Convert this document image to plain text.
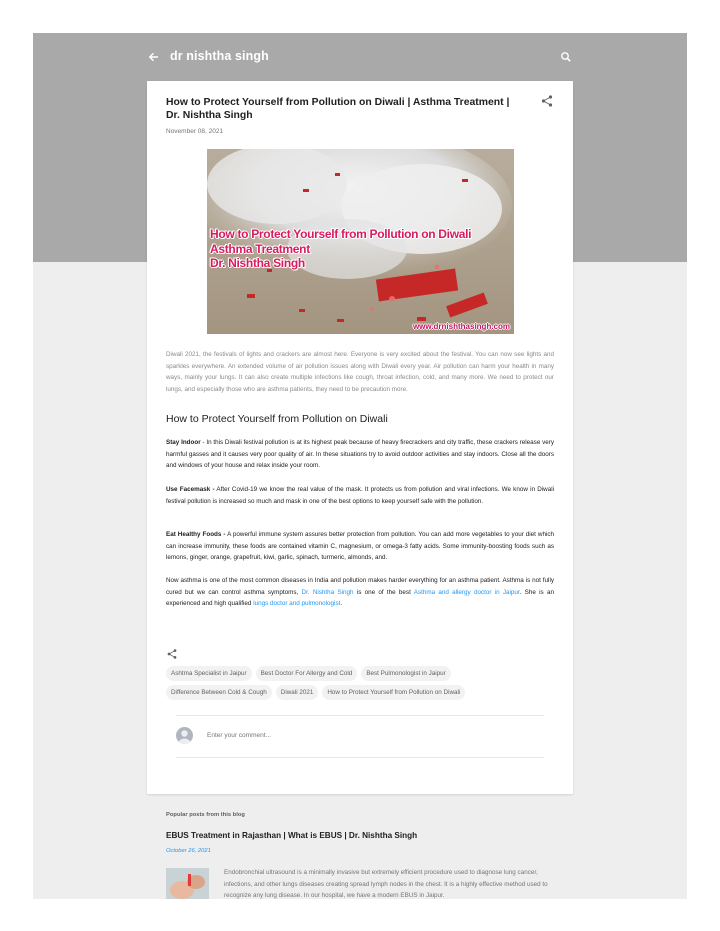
dr nishtha singh
How to Protect Yourself from Pollution on Diwali | Asthma Treatment | Dr. Nishtha Singh
November 08, 2021
How to Protect Yourself from Pollution on Diwali
Asthma Treatment
Dr. Nishtha Singh
www.drnishthasingh.com

Diwali 2021, the festivals of lights and crackers are almost here. Everyone is very excited about the festival. You can now see lights and sparkles everywhere. An extended volume of air pollution issues along with Diwali every year. Air pollution can harm your health in many ways, mainly your lungs. It can also create multiple infections like cough, throat infection, cold, and many more. We need to protect our lungs, and especially those who are asthma patients, they need to be precaution more.

How to Protect Yourself from Pollution on Diwali

Stay Indoor - In this Diwali festival pollution is at its highest peak because of heavy firecrackers and city traffic, these crackers release very harmful gasses and it causes very poor quality of air. In these situations try to avoid outdoor activities and stay indoors. Close all the doors and windows of your house and relax inside your room.

Use Facemask - After Covid-19 we know the real value of the mask. It protects us from pollution and viral infections. We know in Diwali festival pollution is increased so much and mask in one of the best options to keep yourself safe with the pollution.

Eat Healthy Foods - A powerful immune system assures better protection from pollution. You can add more vegetables to your diet which can increase immunity, these foods are contained vitamin C, magnesium, or omega-3 fatty acids. Some immunity-boosting foods such as lemons, ginger, orange, grapefruit, kiwi, garlic, spinach, turmeric, almonds, and.

Now asthma is one of the most common diseases in India and pollution makes harder everything for an asthma patient. Asthma is not fully cured but we can control asthma symptoms, Dr. Nishtha Singh is one of the best Asthma and allergy doctor in Jaipur. She is an experienced and high qualified lungs doctor and pulmonologist.

Ashtma Specialist in Jaipur Best Doctor For Allergy and Cold Best Pulmonologist in JaipurDifference Between Cold & Cough Diwali 2021 How to Protect Yourself from Pollution on Diwali
Enter your comment...
Popular posts from this blog
EBUS Treatment in Rajasthan | What is EBUS | Dr. Nishtha Singh
October 26, 2021
Endobronchial ultrasound is a minimally invasive but extremely efficient procedure used to diagnose lung cancer, infections, and other lungs diseases creating spread lymph nodes in the chest. It is a highly effective method used to recognize any lung disease. In our hospital, we have a modern EBUS in Jaipur.
